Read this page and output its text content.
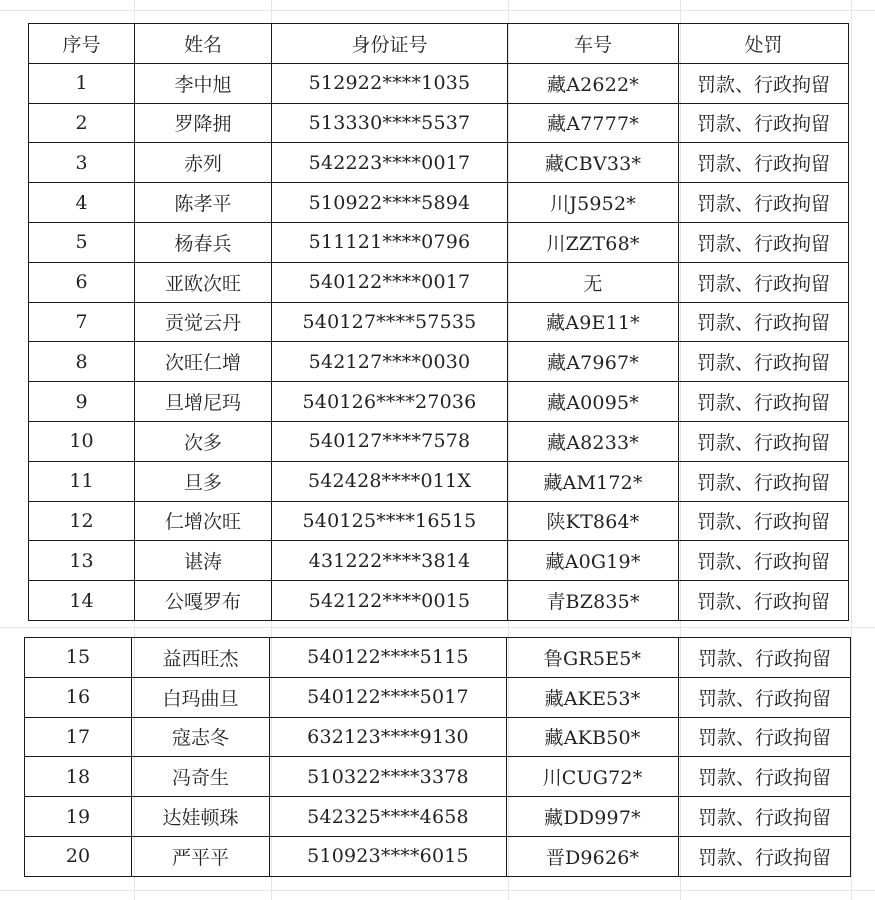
序号	姓名	身份证号	车号	处罚
1	李中旭	512922****1035	藏A2622*	罚款、行政拘留
2	罗降拥	513330****5537	藏A7777*	罚款、行政拘留
3	赤列	542223****0017	藏CBV33*	罚款、行政拘留
4	陈孝平	510922****5894	川J5952*	罚款、行政拘留
5	杨春兵	511121****0796	川ZZT68*	罚款、行政拘留
6	亚欧次旺	540122****0017	无	罚款、行政拘留
7	贡觉云丹	540127****57535	藏A9E11*	罚款、行政拘留
8	次旺仁增	542127****0030	藏A7967*	罚款、行政拘留
9	旦增尼玛	540126****27036	藏A0095*	罚款、行政拘留
10	次多	540127****7578	藏A8233*	罚款、行政拘留
11	旦多	542428****011X	藏AM172*	罚款、行政拘留
12	仁增次旺	540125****16515	陕KT864*	罚款、行政拘留
13	谌涛	431222****3814	藏A0G19*	罚款、行政拘留
14	公嘎罗布	542122****0015	青BZ835*	罚款、行政拘留
15	益西旺杰	540122****5115	鲁GR5E5*	罚款、行政拘留
16	白玛曲旦	540122****5017	藏AKE53*	罚款、行政拘留
17	寇志冬	632123****9130	藏AKB50*	罚款、行政拘留
18	冯奇生	510322****3378	川CUG72*	罚款、行政拘留
19	达娃顿珠	542325****4658	藏DD997*	罚款、行政拘留
20	严平平	510923****6015	晋D9626*	罚款、行政拘留
